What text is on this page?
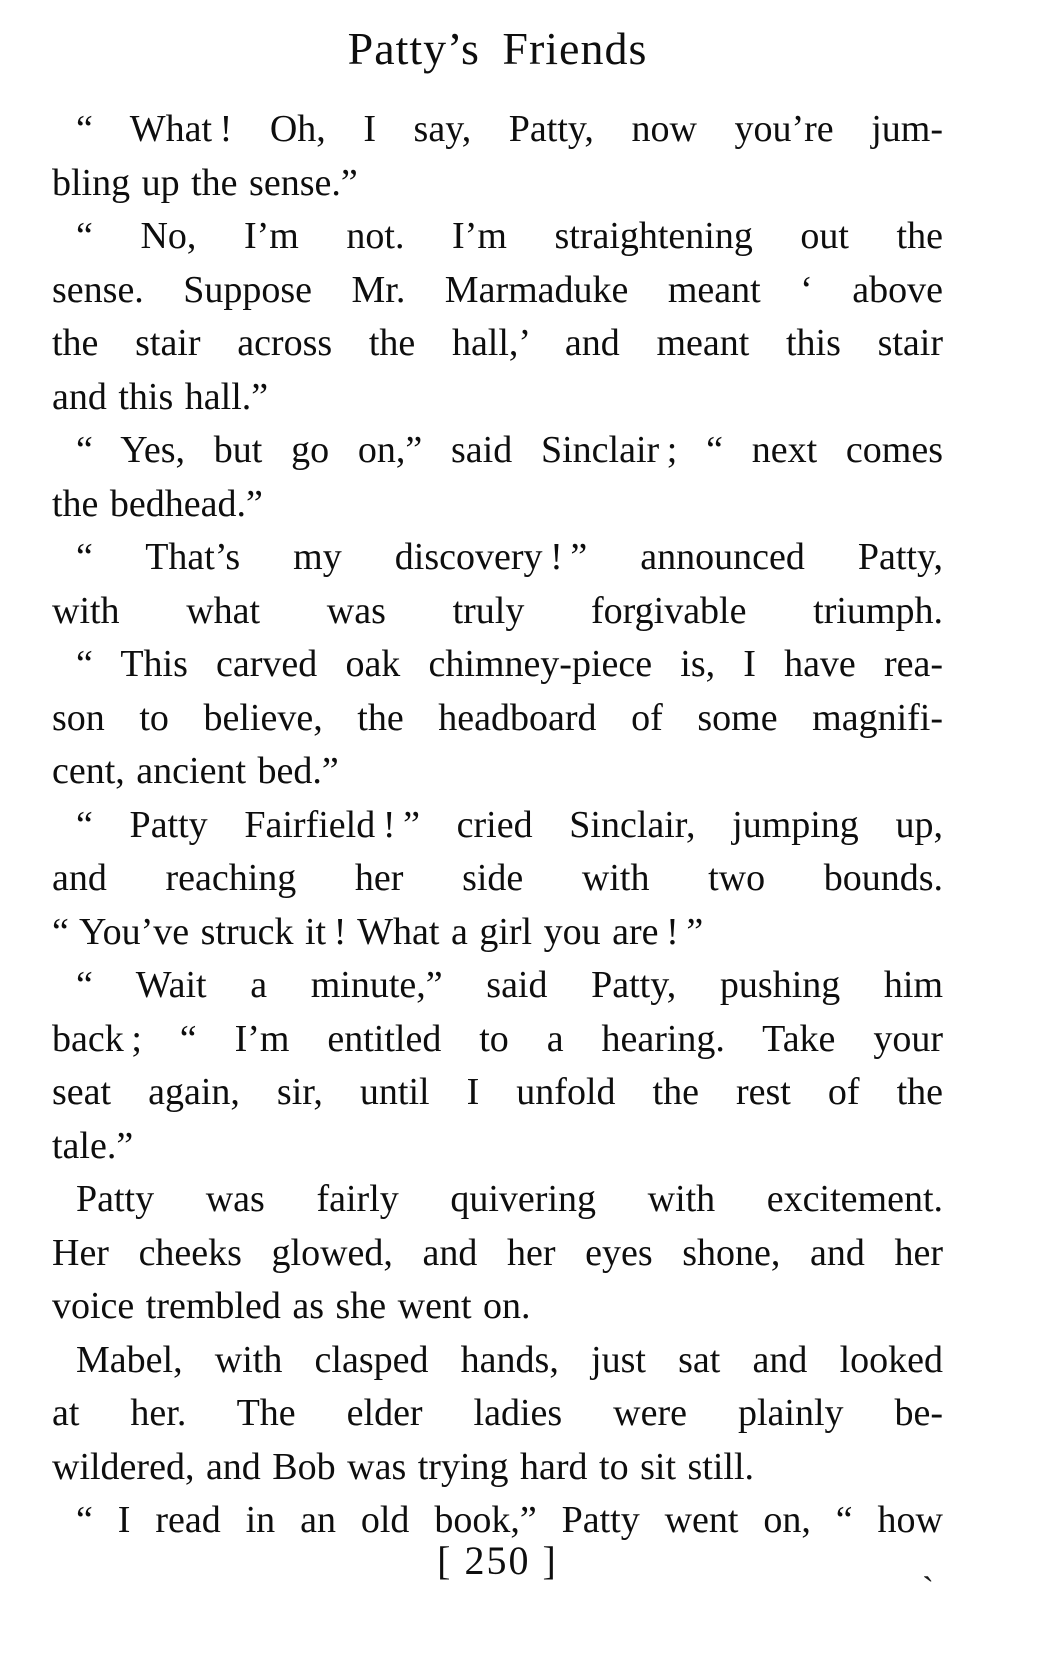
Patty’s Friends

“ What ! Oh, I say, Patty, now you’re jum-
bling up the sense.”

“ No, I’m not. I’m straightening out the
sense. Suppose Mr. Marmaduke meant ‘ above
the stair across the hall,’ and meant this stair
and this hall.”

“ Yes, but go on,” said Sinclair ; “ next comes
the bedhead.”

“ That’s my discovery ! ” announced Patty,
with what was truly forgivable triumph.

“ This carved oak chimney-piece is, I have rea-
son to believe, the headboard of some magnifi-
cent, ancient bed.”

“ Patty Fairfield ! ” cried Sinclair, jumping up,
and reaching her side with two bounds.
“ You’ve struck it ! What a girl you are ! ”

“ Wait a minute,” said Patty, pushing him
back ; “ I’m entitled to a hearing. Take your
seat again, sir, until I unfold the rest of the
tale.”

Patty was fairly quivering with excitement.
Her cheeks glowed, and her eyes shone, and her
voice trembled as she went on.

Mabel, with clasped hands, just sat and looked
at her. The elder ladies were plainly be-
wildered, and Bob was trying hard to sit still.

“ I read in an old book,” Patty went on, “ how

[ 250 ]
ˋ
